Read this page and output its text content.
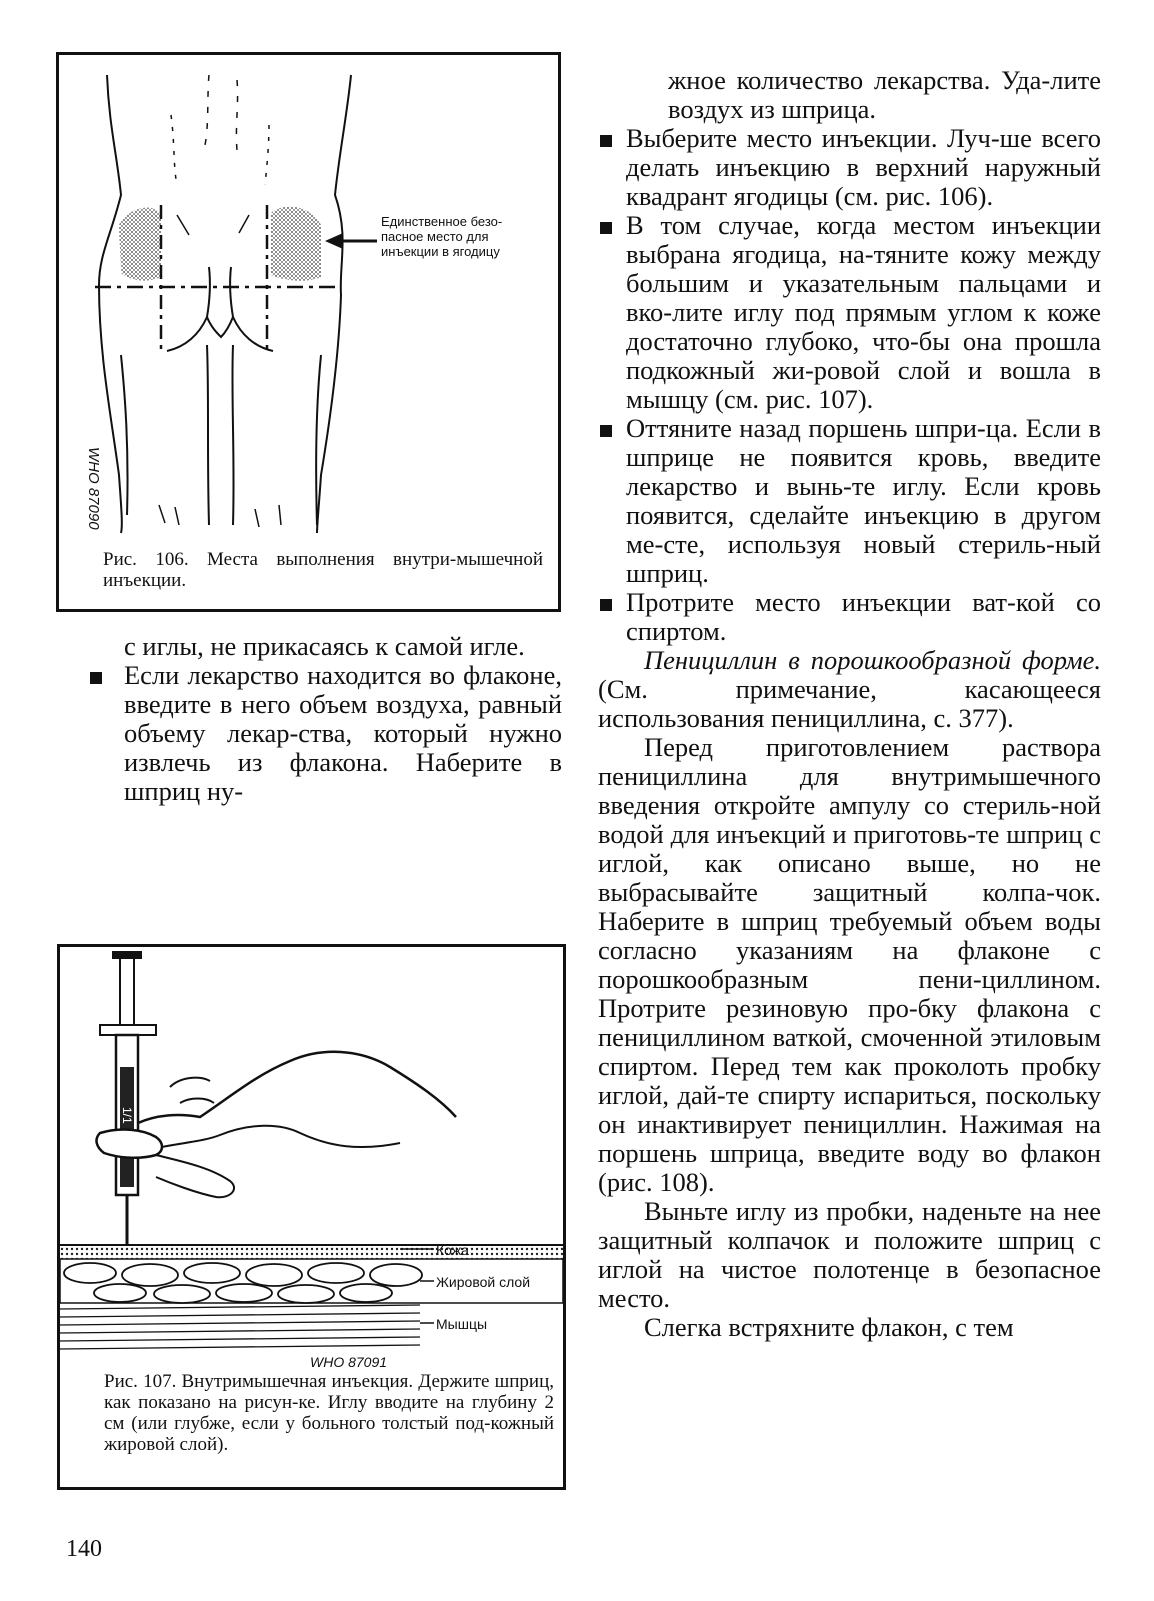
Единственное безо-
пасное место для
инъекции в ягодицу
WHO 87090
Рис. 106. Места выполнения внутри-мышечной инъекции.
1/1
Кожа
Жировой слой
Мышцы
WHO 87091
Рис. 107. Внутримышечная инъекция. Держите шприц, как показано на рисун-ке. Иглу вводите на глубину 2 см (или глубже, если у больного толстый под-кожный жировой слой).

с иглы, не прикасаясь к самой игле.

Если лекарство находится во флаконе, введите в него объем воздуха, равный объему лекар-ства, который нужно извлечь из флакона. Наберите в шприц ну-

жное количество лекарства. Уда-лите воздух из шприца.

Выберите место инъекции. Луч-ше всего делать инъекцию в верхний наружный квадрант ягодицы (см. рис. 106).

В том случае, когда местом инъекции выбрана ягодица, на-тяните кожу между большим и указательным пальцами и вко-лите иглу под прямым углом к коже достаточно глубоко, что-бы она прошла подкожный жи-ровой слой и вошла в мышцу (см. рис. 107).

Оттяните назад поршень шпри-ца. Если в шприце не появится кровь, введите лекарство и вынь-те иглу. Если кровь появится, сделайте инъекцию в другом ме-сте, используя новый стериль-ный шприц.

Протрите место инъекции ват-кой со спиртом.

Пенициллин в порошкообразной форме. (См. примечание, касающееся использования пенициллина, с. 377).

Перед приготовлением раствора пенициллина для внутримышечного введения откройте ампулу со стериль-ной водой для инъекций и приготовь-те шприц с иглой, как описано выше, но не выбрасывайте защитный колпа-чок. Наберите в шприц требуемый объем воды согласно указаниям на флаконе с порошкообразным пени-циллином. Протрите резиновую про-бку флакона с пенициллином ваткой, смоченной этиловым спиртом. Перед тем как проколоть пробку иглой, дай-те спирту испариться, поскольку он инактивирует пенициллин. Нажимая на поршень шприца, введите воду во флакон (рис. 108).

Выньте иглу из пробки, наденьте на нее защитный колпачок и положите шприц с иглой на чистое полотенце в безопасное место.

Слегка встряхните флакон, с тем

140
